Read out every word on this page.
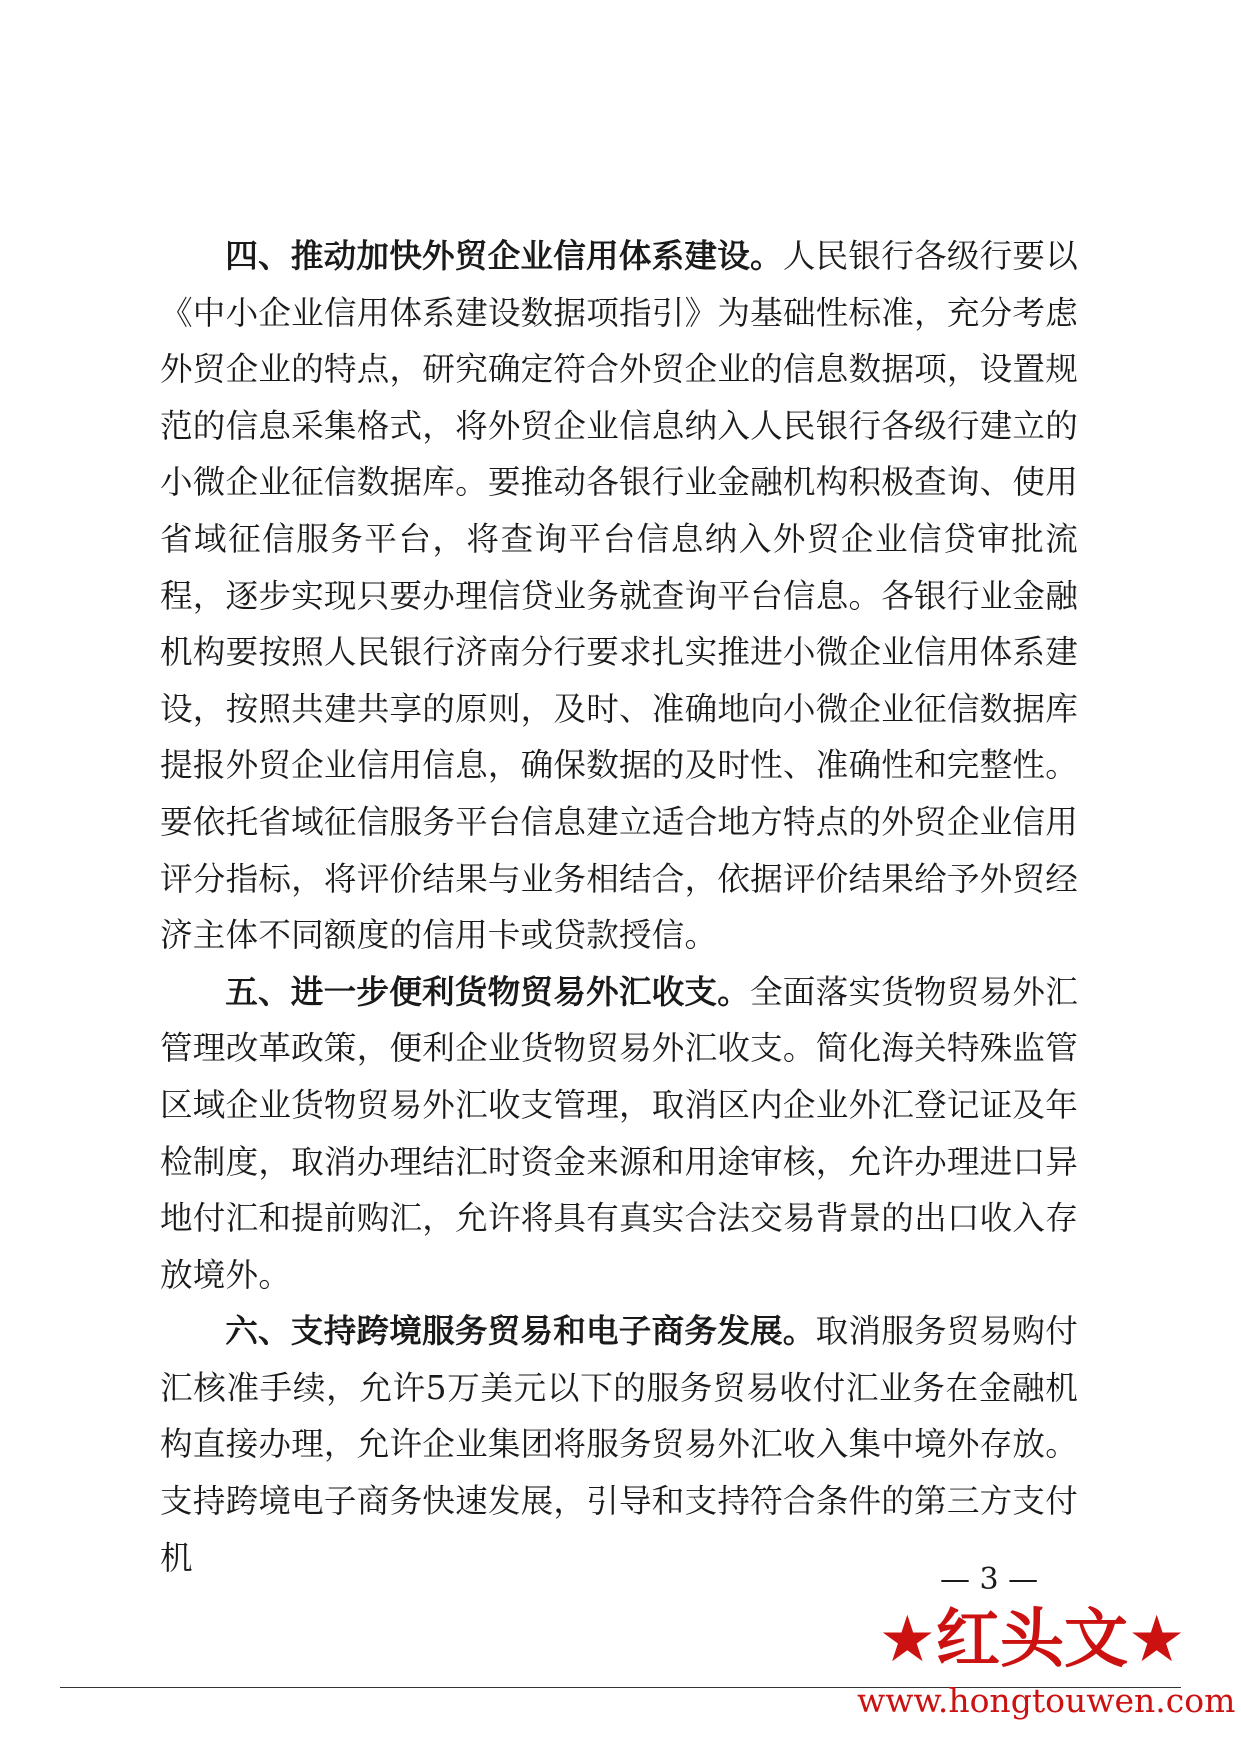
四、推动加快外贸企业信用体系建设。人民银行各级行要以《中小企业信用体系建设数据项指引》为基础性标准，充分考虑外贸企业的特点，研究确定符合外贸企业的信息数据项，设置规范的信息采集格式，将外贸企业信息纳入人民银行各级行建立的小微企业征信数据库。要推动各银行业金融机构积极查询、使用省域征信服务平台，将查询平台信息纳入外贸企业信贷审批流程，逐步实现只要办理信贷业务就查询平台信息。各银行业金融机构要按照人民银行济南分行要求扎实推进小微企业信用体系建设，按照共建共享的原则，及时、准确地向小微企业征信数据库提报外贸企业信用信息，确保数据的及时性、准确性和完整性。要依托省域征信服务平台信息建立适合地方特点的外贸企业信用评分指标，将评价结果与业务相结合，依据评价结果给予外贸经济主体不同额度的信用卡或贷款授信。

五、进一步便利货物贸易外汇收支。全面落实货物贸易外汇管理改革政策，便利企业货物贸易外汇收支。简化海关特殊监管区域企业货物贸易外汇收支管理，取消区内企业外汇登记证及年检制度，取消办理结汇时资金来源和用途审核，允许办理进口异地付汇和提前购汇，允许将具有真实合法交易背景的出口收入存放境外。

六、支持跨境服务贸易和电子商务发展。取消服务贸易购付汇核准手续，允许5万美元以下的服务贸易收付汇业务在金融机构直接办理，允许企业集团将服务贸易外汇收入集中境外存放。支持跨境电子商务快速发展，引导和支持符合条件的第三方支付机

— 3 —
★红头文★
www.hongtouwen.com
